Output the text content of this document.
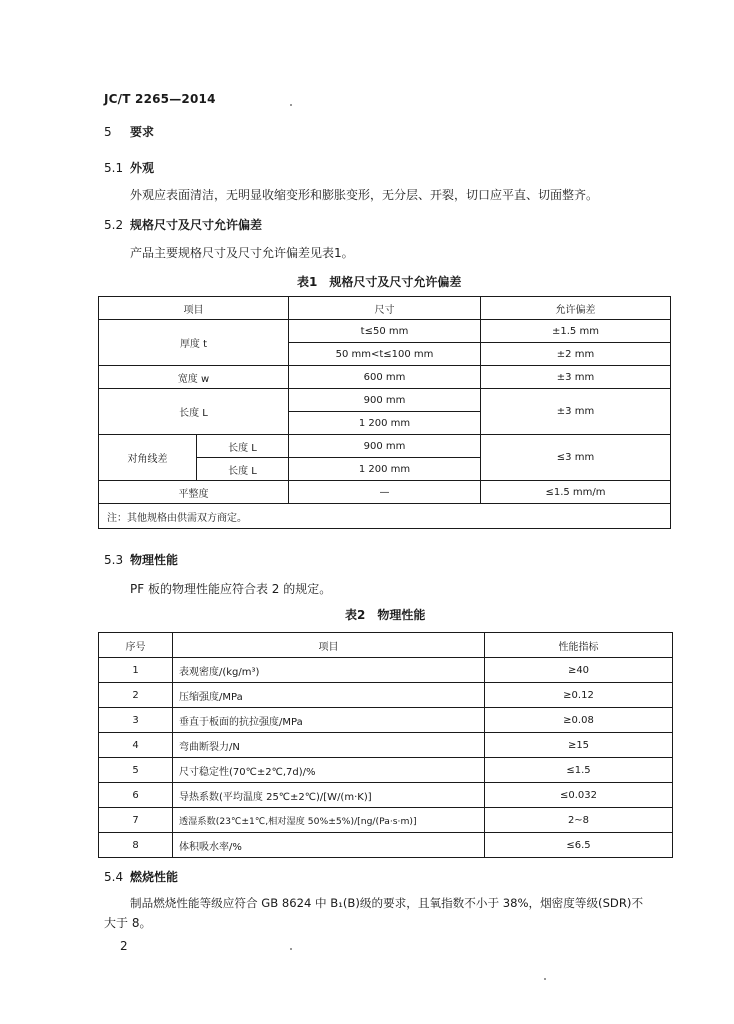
JC/T 2265—2014
5 要求
5.1 外观
外观应表面清洁，无明显收缩变形和膨胀变形，无分层、开裂，切口应平直、切面整齐。
5.2 规格尺寸及尺寸允许偏差
产品主要规格尺寸及尺寸允许偏差见表1。
表1　规格尺寸及尺寸允许偏差
项目		尺寸	允许偏差
厚度 t		t≤50 mm	±1.5 mm
		50 mm<t≤100 mm	±2 mm
宽度 w		600 mm	±3 mm
长度 L		900 mm	±3 mm
		1 200 mm	
对角线差	长度 L	900 mm	≤3 mm
	长度 L	1 200 mm	
平整度		—	≤1.5 mm/m
注：其他规格由供需双方商定。			
5.3 物理性能
PF 板的物理性能应符合表 2 的规定。
表2　物理性能
序号	项目	性能指标
1	表观密度/(kg/m³)	≥40
2	压缩强度/MPa	≥0.12
3	垂直于板面的抗拉强度/MPa	≥0.08
4	弯曲断裂力/N	≥15
5	尺寸稳定性(70℃±2℃,7d)/%	≤1.5
6	导热系数(平均温度 25℃±2℃)/[W/(m·K)]	≤0.032
7	透湿系数(23℃±1℃,相对湿度 50%±5%)/[ng/(Pa·s·m)]	2~8
8	体积吸水率/%	≤6.5
5.4 燃烧性能
制品燃烧性能等级应符合 GB 8624 中 B₁(B)级的要求，且氧指数不小于 38%，烟密度等级(SDR)不
大于 8。
2
